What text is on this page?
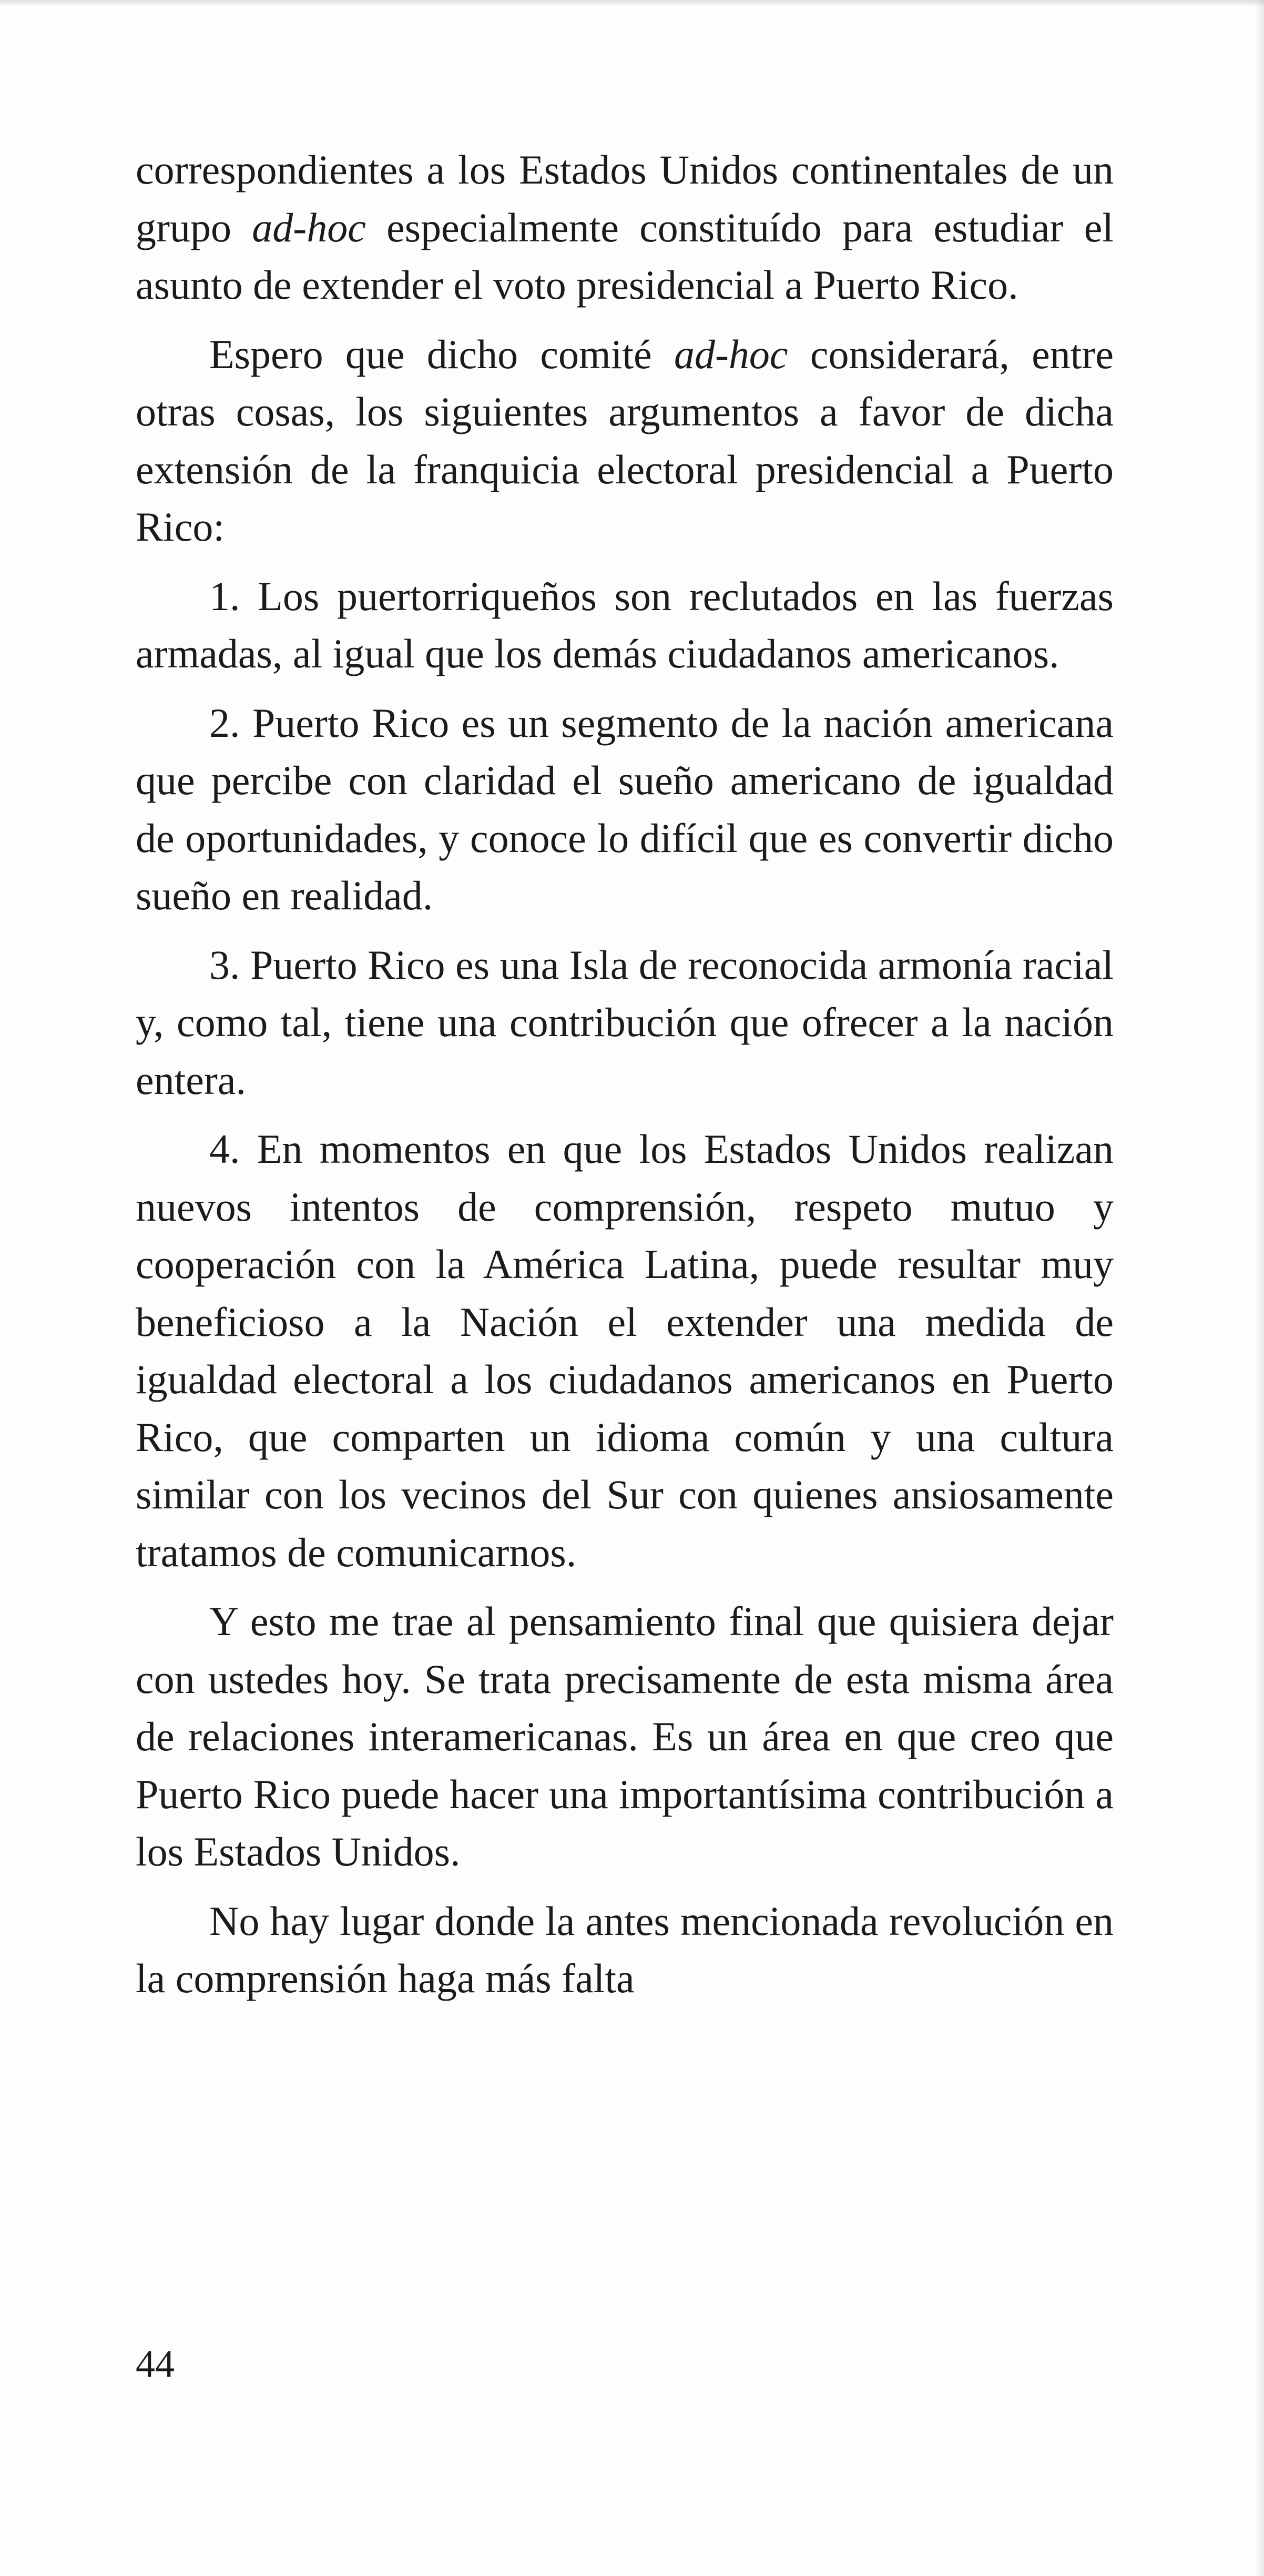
correspondientes a los Estados Unidos continentales de un grupo ad-hoc especialmente constituído para estudiar el asunto de extender el voto presidencial a Puerto Rico.

Espero que dicho comité ad-hoc considerará, entre otras cosas, los siguientes argumentos a favor de dicha extensión de la franquicia electoral presidencial a Puerto Rico:

1. Los puertorriqueños son reclutados en las fuerzas armadas, al igual que los demás ciudadanos americanos.

2. Puerto Rico es un segmento de la nación americana que percibe con claridad el sueño americano de igualdad de oportunidades, y conoce lo difícil que es convertir dicho sueño en realidad.

3. Puerto Rico es una Isla de reconocida armonía racial y, como tal, tiene una contribución que ofrecer a la nación entera.

4. En momentos en que los Estados Unidos realizan nuevos intentos de comprensión, respeto mutuo y cooperación con la América Latina, puede resultar muy beneficioso a la Nación el extender una medida de igualdad electoral a los ciudadanos americanos en Puerto Rico, que comparten un idioma común y una cultura similar con los vecinos del Sur con quienes ansiosamente tratamos de comunicarnos.

Y esto me trae al pensamiento final que quisiera dejar con ustedes hoy. Se trata precisamente de esta misma área de relaciones interamericanas. Es un área en que creo que Puerto Rico puede hacer una importantísima contribución a los Estados Unidos.

No hay lugar donde la antes mencionada revolución en la comprensión haga más falta

44
